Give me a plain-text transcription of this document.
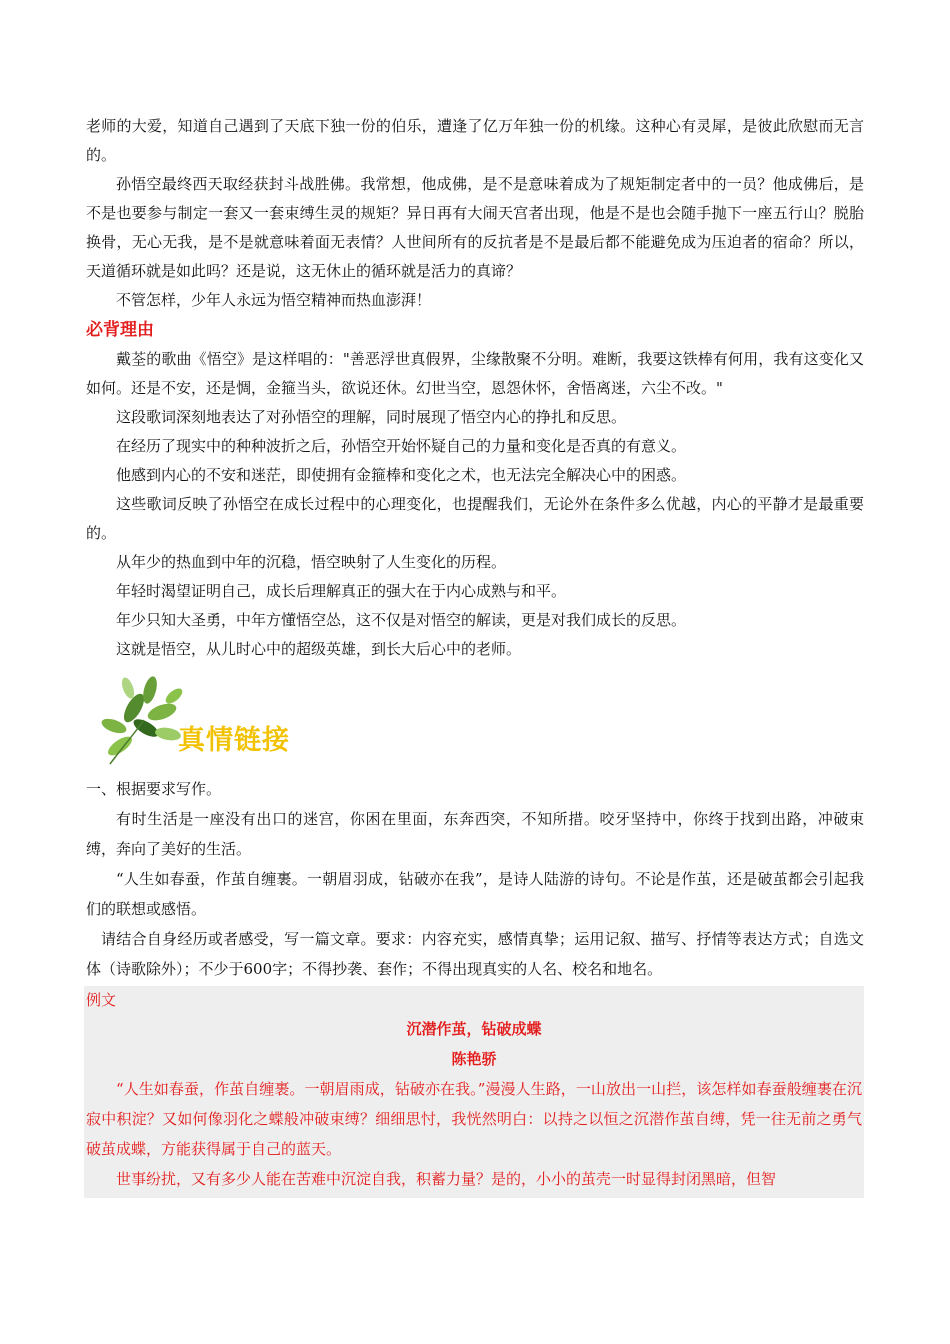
老师的大爱，知道自己遇到了天底下独一份的伯乐，遭逢了亿万年独一份的机缘。这种心有灵犀，是彼此欣慰而无言的。

孙悟空最终西天取经获封斗战胜佛。我常想，他成佛，是不是意味着成为了规矩制定者中的一员？他成佛后，是不是也要参与制定一套又一套束缚生灵的规矩？异日再有大闹天宫者出现，他是不是也会随手抛下一座五行山？脱胎换骨，无心无我，是不是就意味着面无表情？人世间所有的反抗者是不是最后都不能避免成为压迫者的宿命？所以，天道循环就是如此吗？还是说，这无休止的循环就是活力的真谛？

不管怎样，少年人永远为悟空精神而热血澎湃！

必背理由

戴荃的歌曲《悟空》是这样唱的："善恶浮世真假界，尘缘散聚不分明。难断，我要这铁棒有何用，我有这变化又如何。还是不安，还是惆，金箍当头，欲说还休。幻世当空，恩怨休怀，舍悟离迷，六尘不改。"

这段歌词深刻地表达了对孙悟空的理解，同时展现了悟空内心的挣扎和反思。

在经历了现实中的种种波折之后，孙悟空开始怀疑自己的力量和变化是否真的有意义。

他感到内心的不安和迷茫，即使拥有金箍棒和变化之术，也无法完全解决心中的困惑。

这些歌词反映了孙悟空在成长过程中的心理变化，也提醒我们，无论外在条件多么优越，内心的平静才是最重要的。

从年少的热血到中年的沉稳，悟空映射了人生变化的历程。

年轻时渴望证明自己，成长后理解真正的强大在于内心成熟与和平。

年少只知大圣勇，中年方懂悟空怂，这不仅是对悟空的解读，更是对我们成长的反思。

这就是悟空，从儿时心中的超级英雄，到长大后心中的老师。

真情链接

一、根据要求写作。

有时生活是一座没有出口的迷宫，你困在里面，东奔西突，不知所措。咬牙坚持中，你终于找到出路，冲破束缚，奔向了美好的生活。

“人生如春蚕，作茧自缠裹。一朝眉羽成，钻破亦在我”，是诗人陆游的诗句。不论是作茧，还是破茧都会引起我们的联想或感悟。

请结合自身经历或者感受，写一篇文章。要求：内容充实，感情真挚；运用记叙、描写、抒情等表达方式；自选文体（诗歌除外）；不少于600字；不得抄袭、套作；不得出现真实的人名、校名和地名。

例文

沉潜作茧，钻破成蝶

陈艳骄

“人生如春蚕，作茧自缠裹。一朝眉雨成，钻破亦在我。”漫漫人生路，一山放出一山拦，该怎样如春蚕般缠裹在沉寂中积淀？又如何像羽化之蝶般冲破束缚？细细思忖，我恍然明白：以持之以恒之沉潜作茧自缚，凭一往无前之勇气破茧成蝶，方能获得属于自己的蓝天。

世事纷扰，又有多少人能在苦难中沉淀自我，积蓄力量？是的，小小的茧壳一时显得封闭黑暗，但智
